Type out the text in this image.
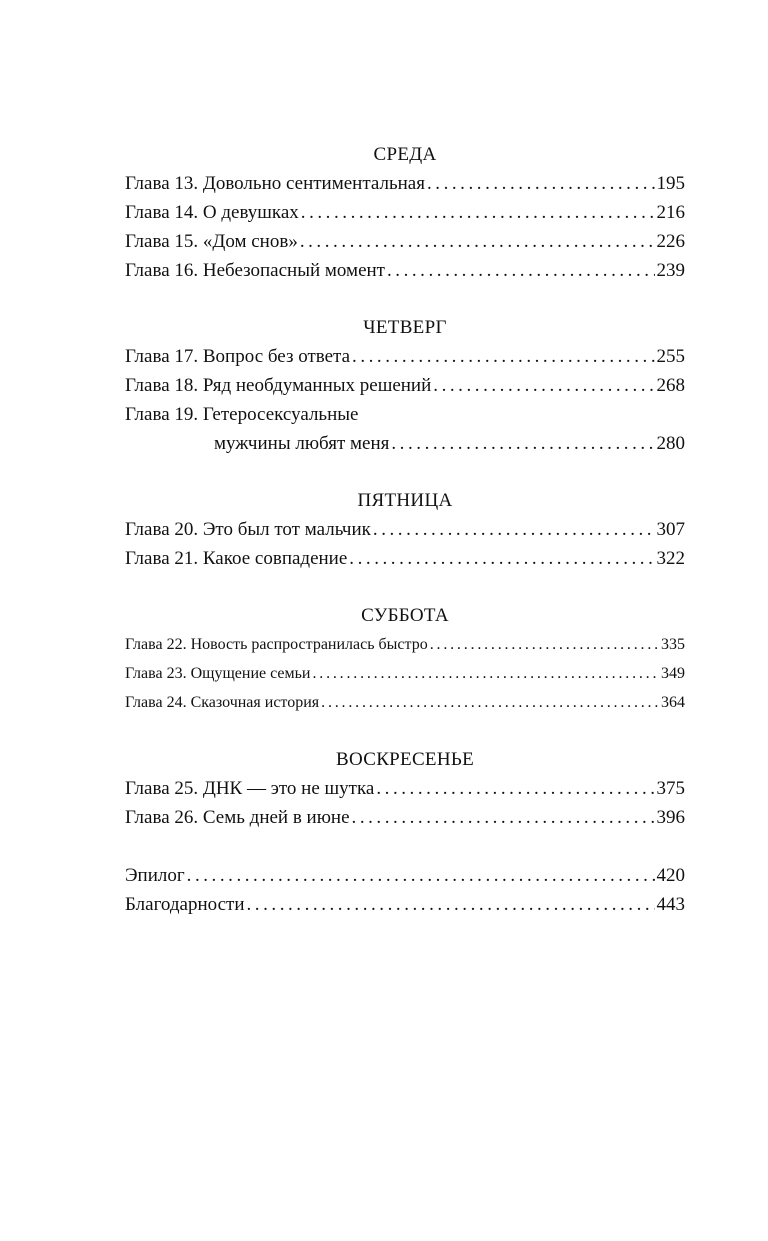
СРЕДА
Глава 13. Довольно сентиментальная . . .	195
Глава 14. О девушках . . .	216
Глава 15. «Дом снов» . . .	226
Глава 16. Небезопасный момент . . .	239
ЧЕТВЕРГ
Глава 17. Вопрос без ответа . . .	255
Глава 18. Ряд необдуманных решений . . .	268
Глава 19. Гетеросексуальные
мужчины любят меня . . .	280
ПЯТНИЦА
Глава 20. Это был тот мальчик . . .	307
Глава 21. Какое совпадение . . .	322
СУББОТА
Глава 22. Новость распространилась быстро . . .	335
Глава 23. Ощущение семьи . . .	349
Глава 24. Сказочная история . . .	364
ВОСКРЕСЕНЬЕ
Глава 25. ДНК — это не шутка . . .	375
Глава 26. Семь дней в июне . . .	396
Эпилог . . .	420
Благодарности . . .	443
